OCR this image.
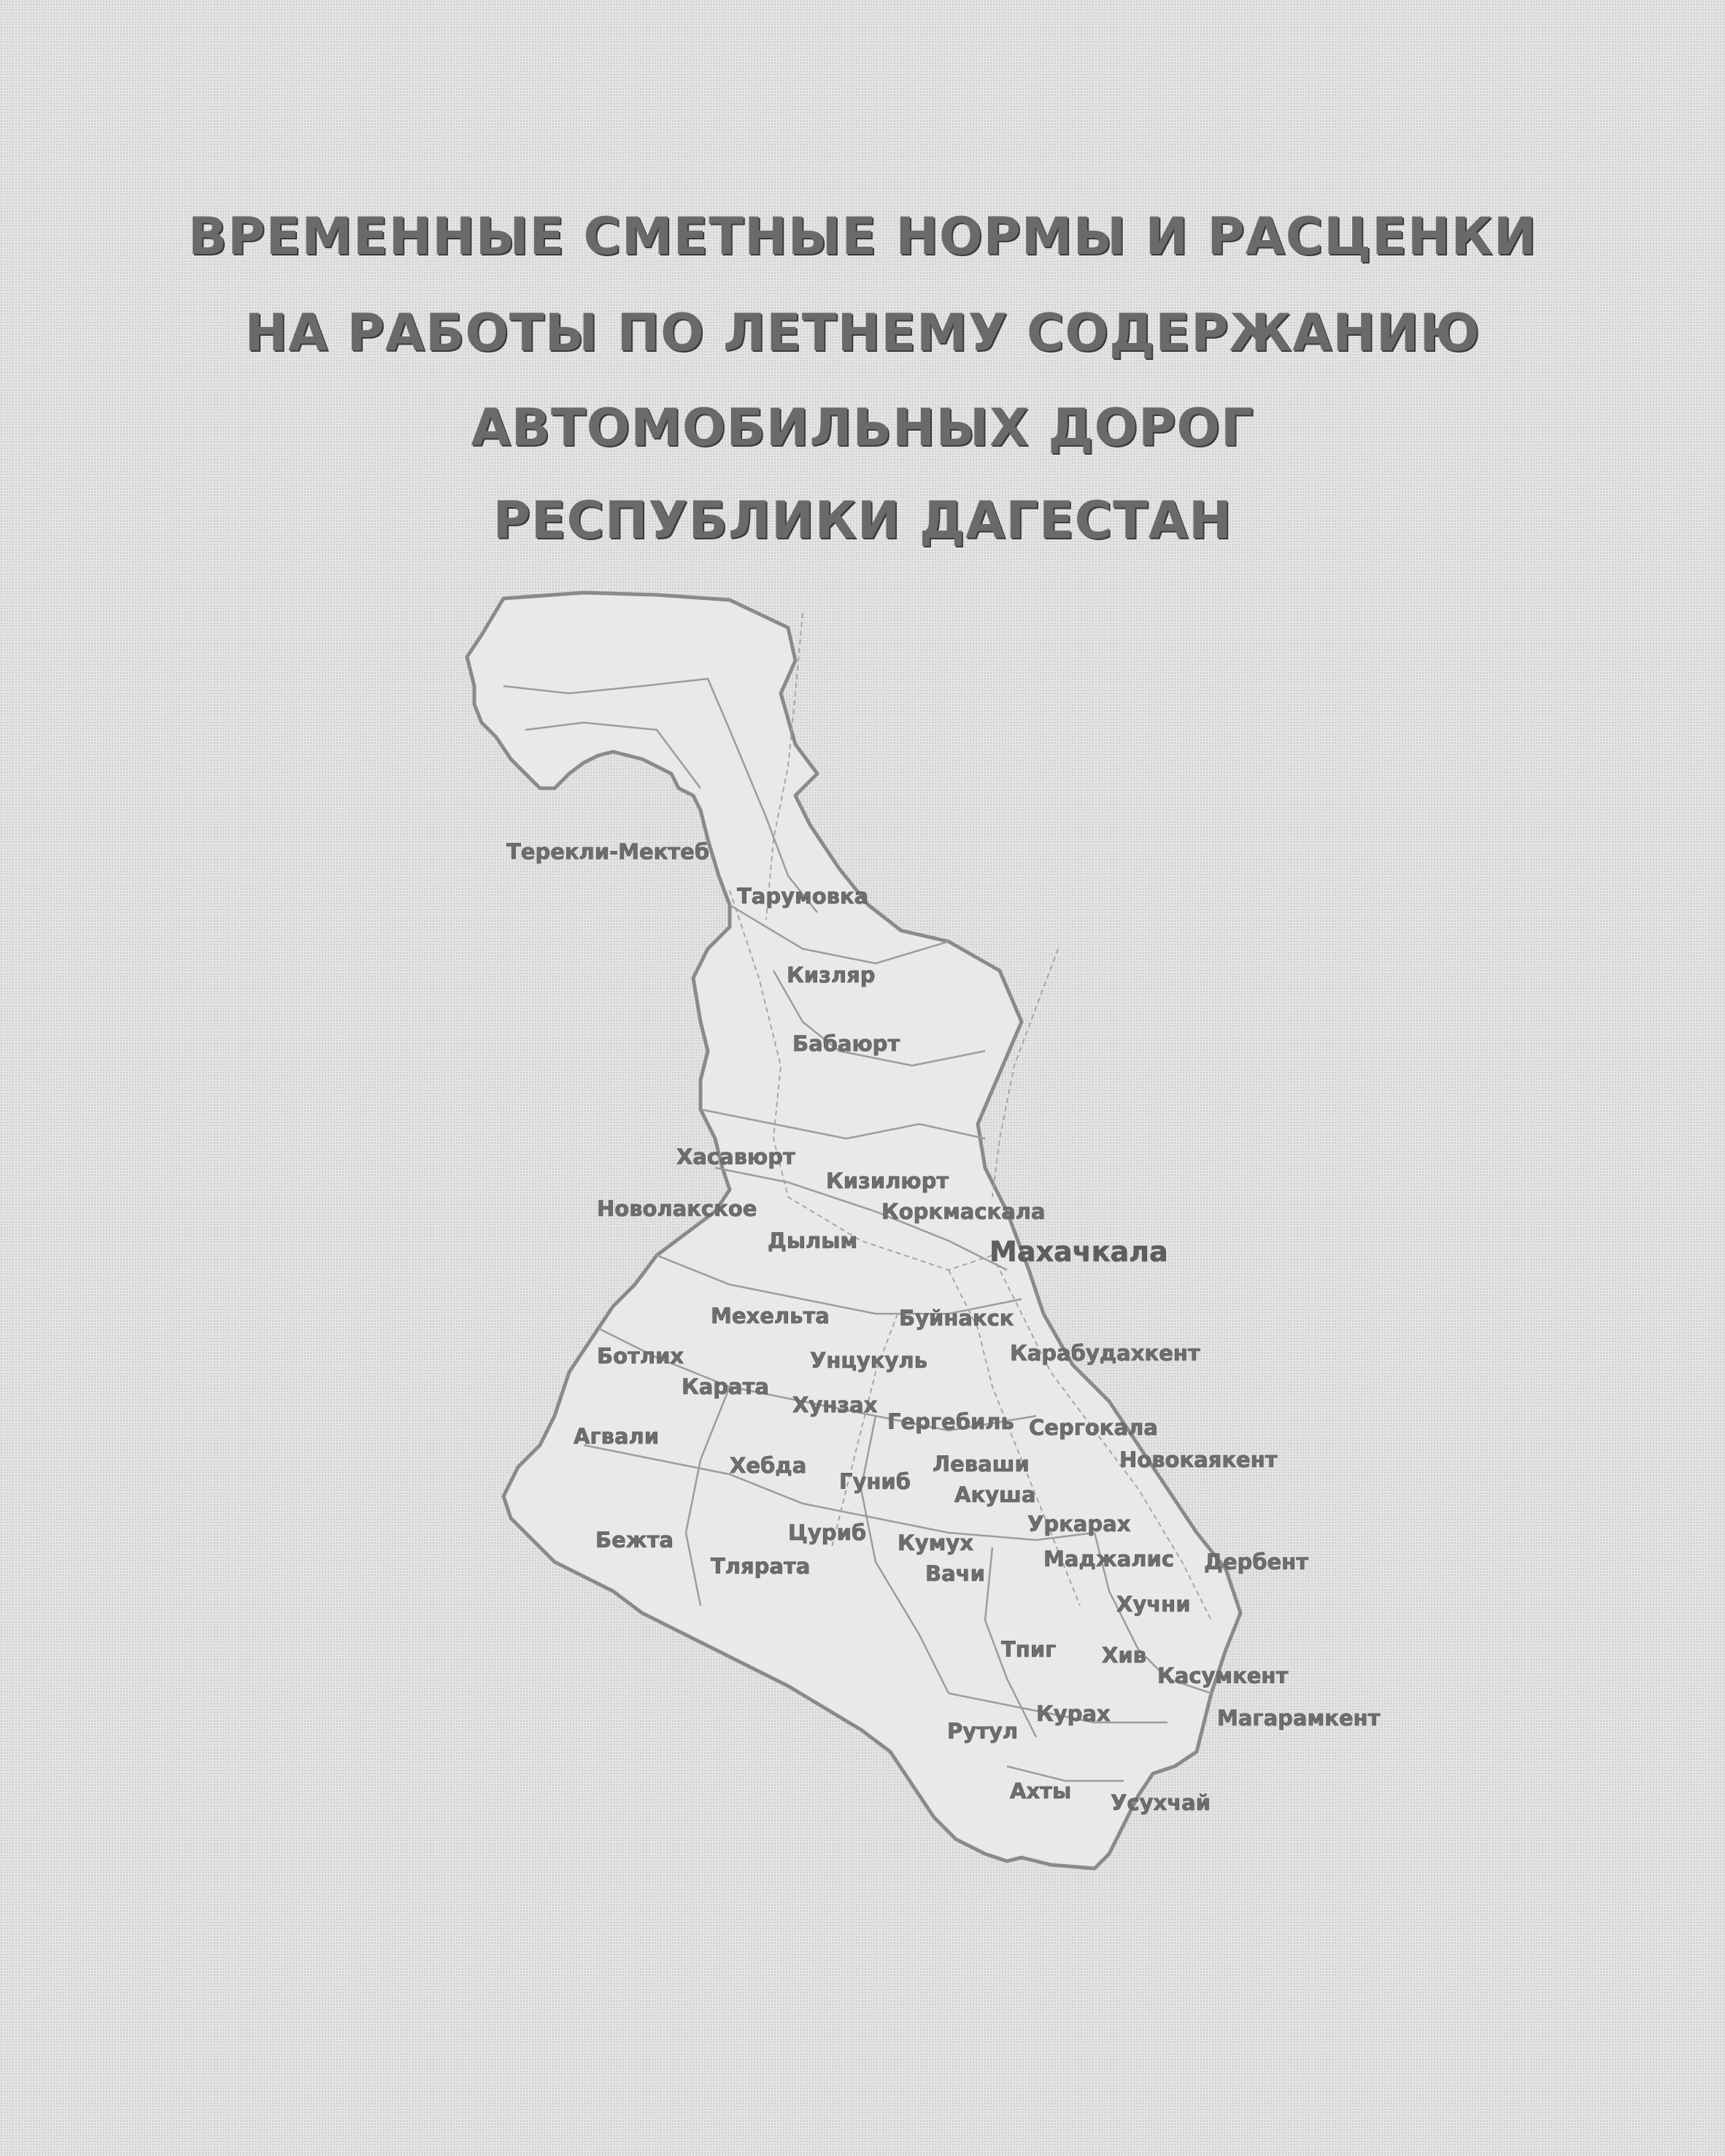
ВРЕМЕННЫЕ СМЕТНЫЕ НОРМЫ И РАСЦЕНКИ
НА РАБОТЫ ПО ЛЕТНЕМУ СОДЕРЖАНИЮ
АВТОМОБИЛЬНЫХ ДОРОГ
РЕСПУБЛИКИ ДАГЕСТАН
Терекли-Мектеб
Тарумовка
Кизляр
Бабаюрт
Хасавюрт
Кизилюрт
Новолакское	Коркмаскала
Дылым	Махачкала
Мехельта	Буйнакск
Ботлих	Унцукуль	Карабудахкент
Карата
Хунзах
Гергебиль
Агвали	Сергокала
Новокаякент
Хебда	Леваши
Гуниб
Акуша
Уркарах
Бежта	Цуриб Кумух
Маджалис Дербент
Тлярата	Вачи
Хучни
Тпиг Хив
Касумкент
Курах	Магарамкент
Рутул
Ахты Усухчай
